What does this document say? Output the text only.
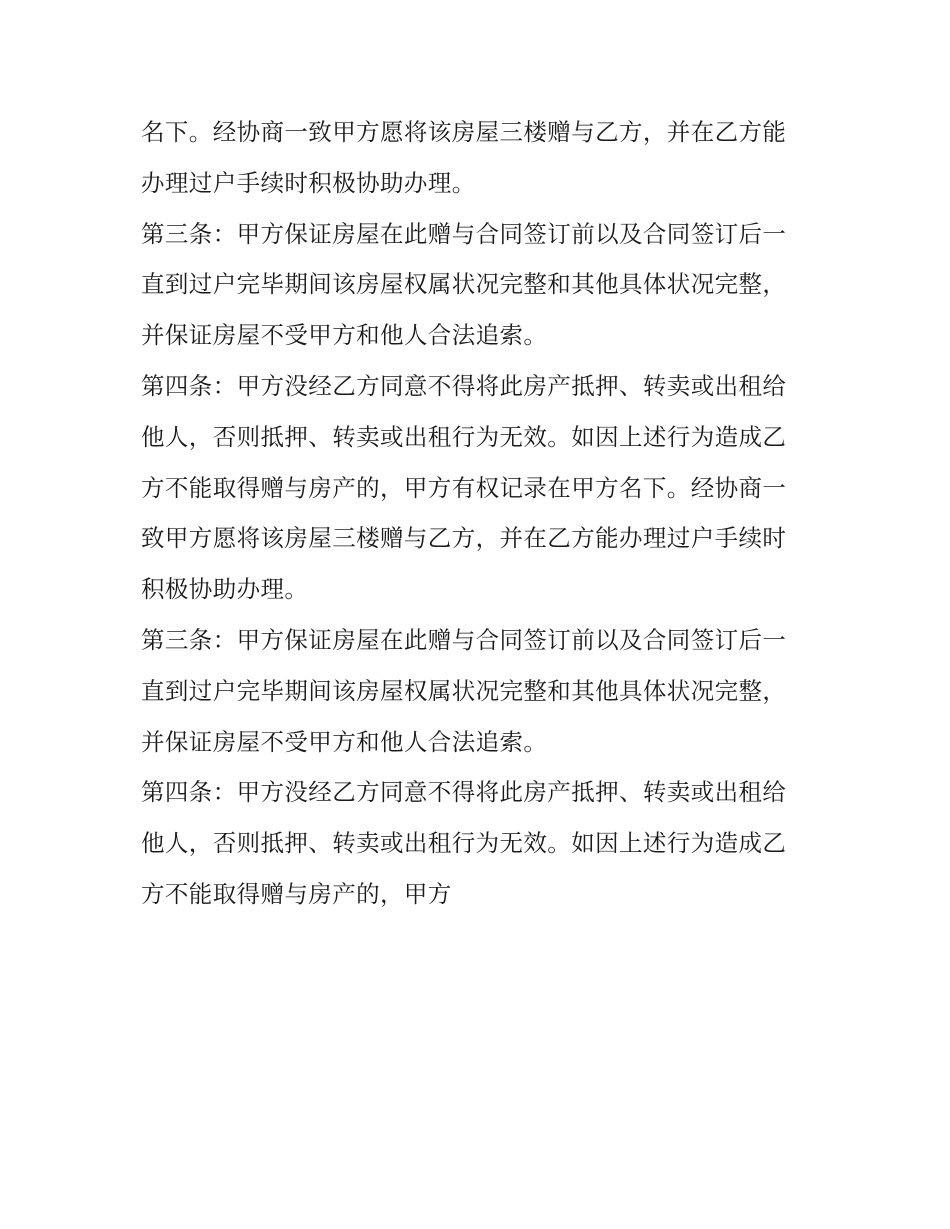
名下。经协商一致甲方愿将该房屋三楼赠与乙方，并在乙方能
办理过户手续时积极协助办理。
第三条：甲方保证房屋在此赠与合同签订前以及合同签订后一
直到过户完毕期间该房屋权属状况完整和其他具体状况完整，
并保证房屋不受甲方和他人合法追索。
第四条：甲方没经乙方同意不得将此房产抵押、转卖或出租给
他人，否则抵押、转卖或出租行为无效。如因上述行为造成乙
方不能取得赠与房产的，甲方有权记录在甲方名下。经协商一
致甲方愿将该房屋三楼赠与乙方，并在乙方能办理过户手续时
积极协助办理。
第三条：甲方保证房屋在此赠与合同签订前以及合同签订后一
直到过户完毕期间该房屋权属状况完整和其他具体状况完整，
并保证房屋不受甲方和他人合法追索。
第四条：甲方没经乙方同意不得将此房产抵押、转卖或出租给
他人，否则抵押、转卖或出租行为无效。如因上述行为造成乙
方不能取得赠与房产的，甲方
